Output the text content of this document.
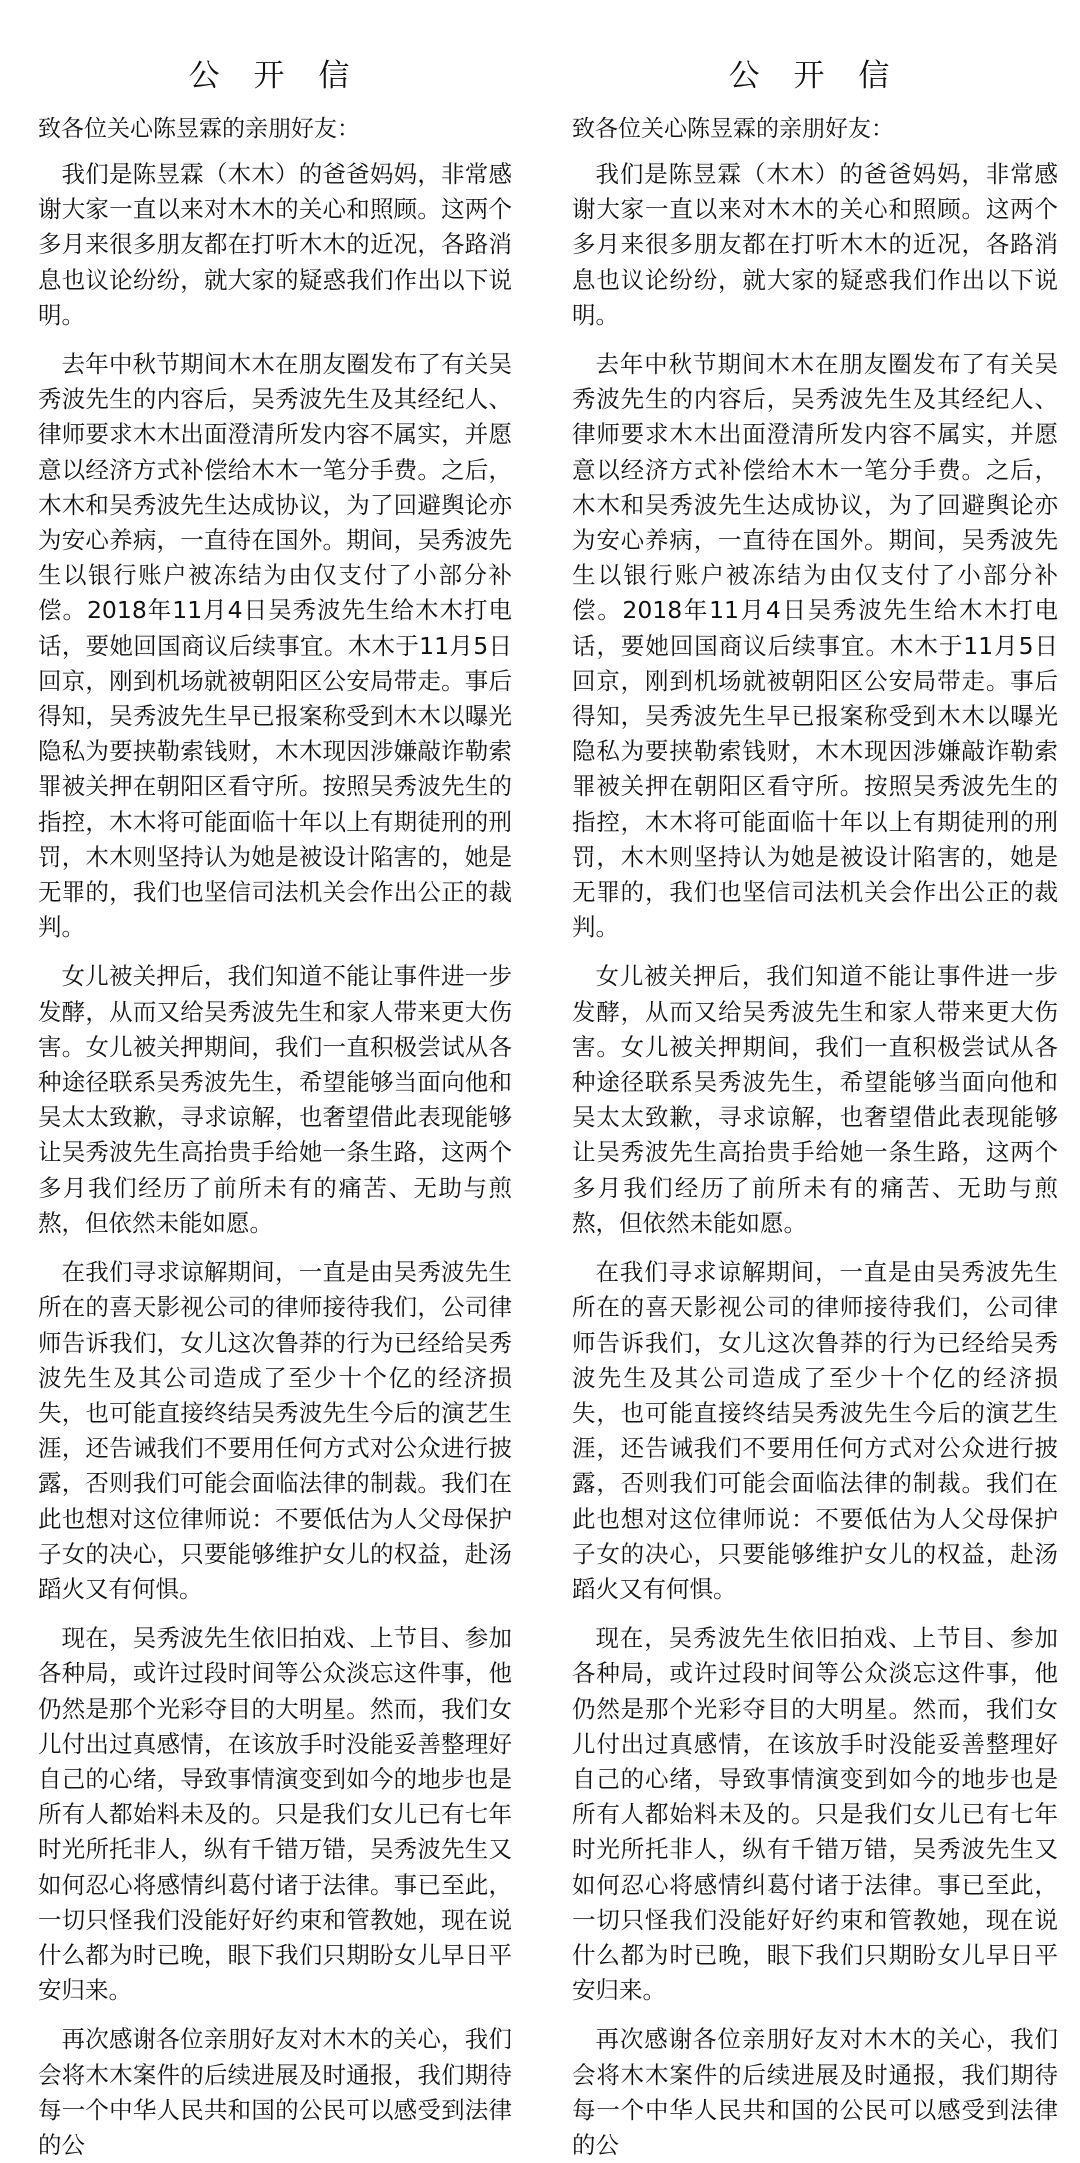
公 开 信

致各位关心陈昱霖的亲朋好友：

我们是陈昱霖（木木）的爸爸妈妈，非常感谢大家一直以来对木木的关心和照顾。这两个多月来很多朋友都在打听木木的近况，各路消息也议论纷纷，就大家的疑惑我们作出以下说明。

去年中秋节期间木木在朋友圈发布了有关吴秀波先生的内容后，吴秀波先生及其经纪人、律师要求木木出面澄清所发内容不属实，并愿意以经济方式补偿给木木一笔分手费。之后，木木和吴秀波先生达成协议，为了回避舆论亦为安心养病，一直待在国外。期间，吴秀波先生以银行账户被冻结为由仅支付了小部分补偿。2018年11月4日吴秀波先生给木木打电话，要她回国商议后续事宜。木木于11月5日回京，刚到机场就被朝阳区公安局带走。事后得知，吴秀波先生早已报案称受到木木以曝光隐私为要挟勒索钱财，木木现因涉嫌敲诈勒索罪被关押在朝阳区看守所。按照吴秀波先生的指控，木木将可能面临十年以上有期徒刑的刑罚，木木则坚持认为她是被设计陷害的，她是无罪的，我们也坚信司法机关会作出公正的裁判。

女儿被关押后，我们知道不能让事件进一步发酵，从而又给吴秀波先生和家人带来更大伤害。女儿被关押期间，我们一直积极尝试从各种途径联系吴秀波先生，希望能够当面向他和吴太太致歉，寻求谅解，也奢望借此表现能够让吴秀波先生高抬贵手给她一条生路，这两个多月我们经历了前所未有的痛苦、无助与煎熬，但依然未能如愿。

在我们寻求谅解期间，一直是由吴秀波先生所在的喜天影视公司的律师接待我们，公司律师告诉我们，女儿这次鲁莽的行为已经给吴秀波先生及其公司造成了至少十个亿的经济损失，也可能直接终结吴秀波先生今后的演艺生涯，还告诫我们不要用任何方式对公众进行披露，否则我们可能会面临法律的制裁。我们在此也想对这位律师说：不要低估为人父母保护子女的决心，只要能够维护女儿的权益，赴汤蹈火又有何惧。

现在，吴秀波先生依旧拍戏、上节目、参加各种局，或许过段时间等公众淡忘这件事，他仍然是那个光彩夺目的大明星。然而，我们女儿付出过真感情，在该放手时没能妥善整理好自己的心绪，导致事情演变到如今的地步也是所有人都始料未及的。只是我们女儿已有七年时光所托非人，纵有千错万错，吴秀波先生又如何忍心将感情纠葛付诸于法律。事已至此，一切只怪我们没能好好约束和管教她，现在说什么都为时已晚，眼下我们只期盼女儿早日平安归来。

再次感谢各位亲朋好友对木木的关心，我们会将木木案件的后续进展及时通报，我们期待每一个中华人民共和国的公民可以感受到法律的公

公 开 信

致各位关心陈昱霖的亲朋好友：

我们是陈昱霖（木木）的爸爸妈妈，非常感谢大家一直以来对木木的关心和照顾。这两个多月来很多朋友都在打听木木的近况，各路消息也议论纷纷，就大家的疑惑我们作出以下说明。

去年中秋节期间木木在朋友圈发布了有关吴秀波先生的内容后，吴秀波先生及其经纪人、律师要求木木出面澄清所发内容不属实，并愿意以经济方式补偿给木木一笔分手费。之后，木木和吴秀波先生达成协议，为了回避舆论亦为安心养病，一直待在国外。期间，吴秀波先生以银行账户被冻结为由仅支付了小部分补偿。2018年11月4日吴秀波先生给木木打电话，要她回国商议后续事宜。木木于11月5日回京，刚到机场就被朝阳区公安局带走。事后得知，吴秀波先生早已报案称受到木木以曝光隐私为要挟勒索钱财，木木现因涉嫌敲诈勒索罪被关押在朝阳区看守所。按照吴秀波先生的指控，木木将可能面临十年以上有期徒刑的刑罚，木木则坚持认为她是被设计陷害的，她是无罪的，我们也坚信司法机关会作出公正的裁判。

女儿被关押后，我们知道不能让事件进一步发酵，从而又给吴秀波先生和家人带来更大伤害。女儿被关押期间，我们一直积极尝试从各种途径联系吴秀波先生，希望能够当面向他和吴太太致歉，寻求谅解，也奢望借此表现能够让吴秀波先生高抬贵手给她一条生路，这两个多月我们经历了前所未有的痛苦、无助与煎熬，但依然未能如愿。

在我们寻求谅解期间，一直是由吴秀波先生所在的喜天影视公司的律师接待我们，公司律师告诉我们，女儿这次鲁莽的行为已经给吴秀波先生及其公司造成了至少十个亿的经济损失，也可能直接终结吴秀波先生今后的演艺生涯，还告诫我们不要用任何方式对公众进行披露，否则我们可能会面临法律的制裁。我们在此也想对这位律师说：不要低估为人父母保护子女的决心，只要能够维护女儿的权益，赴汤蹈火又有何惧。

现在，吴秀波先生依旧拍戏、上节目、参加各种局，或许过段时间等公众淡忘这件事，他仍然是那个光彩夺目的大明星。然而，我们女儿付出过真感情，在该放手时没能妥善整理好自己的心绪，导致事情演变到如今的地步也是所有人都始料未及的。只是我们女儿已有七年时光所托非人，纵有千错万错，吴秀波先生又如何忍心将感情纠葛付诸于法律。事已至此，一切只怪我们没能好好约束和管教她，现在说什么都为时已晚，眼下我们只期盼女儿早日平安归来。

再次感谢各位亲朋好友对木木的关心，我们会将木木案件的后续进展及时通报，我们期待每一个中华人民共和国的公民可以感受到法律的公
